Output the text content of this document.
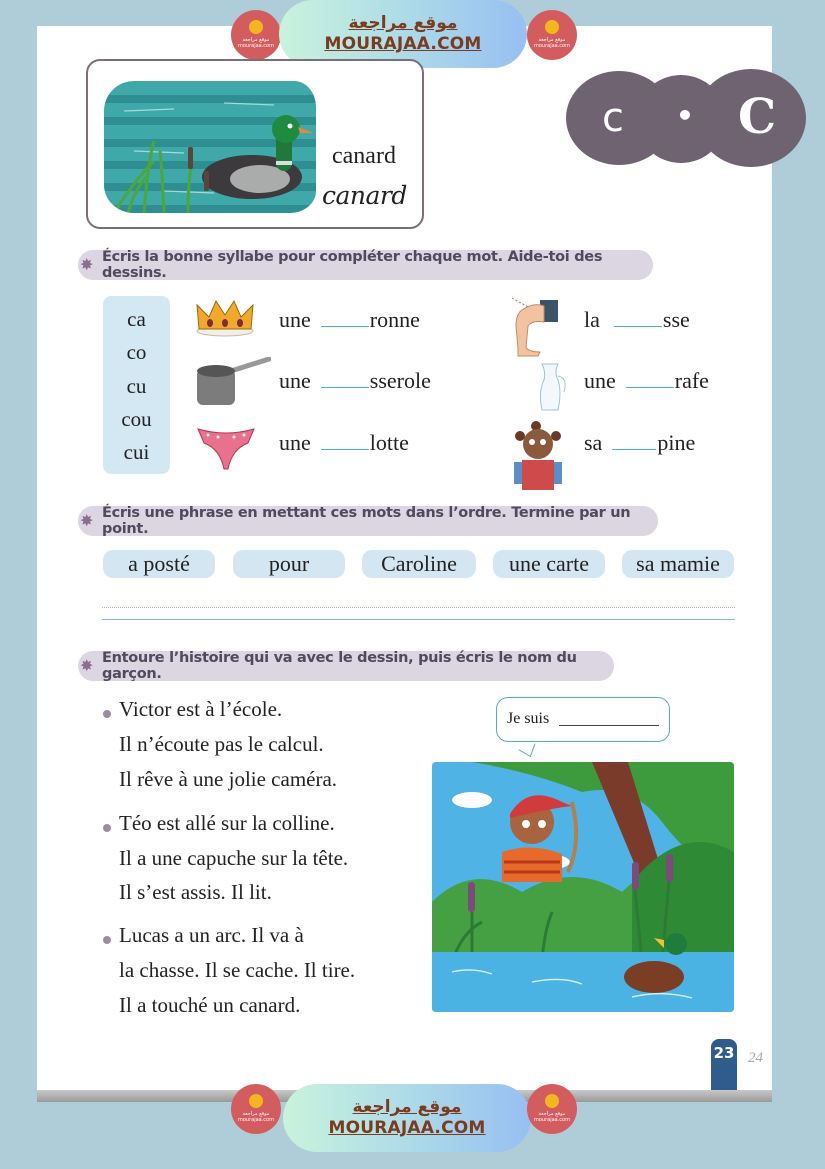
موقع مراجعة mourajaa.com
موقع مراجعة
MOURAJAA.COM	موقع مراجعة mourajaa.com
canard
canard
c • C
✸ Écris la bonne syllabe pour compléter chaque mot. Aide-toi des dessins.
ca
co
cu
cou
cui
une	ronne
une	sserole
une	lotte
la	sse
une	rafe
sa	pine
✸ Écris une phrase en mettant ces mots dans l’ordre. Termine par un point.
a posté	pour	Caroline	une carte	sa mamie
✸ Entoure l’histoire qui va avec le dessin, puis écris le nom du garçon.
Victor est à l’école.
Il n’écoute pas le calcul.
Il rêve à une jolie caméra.
Téo est allé sur la colline.
Il a une capuche sur la tête.
Il s’est assis. Il lit.
Lucas a un arc. Il va à
la chasse. Il se cache. Il tire.
Il a touché un canard.
Je suis
23 24
موقع مراجعة mourajaa.com
موقع مراجعة
MOURAJAA.COM
موقع مراجعة mourajaa.com
